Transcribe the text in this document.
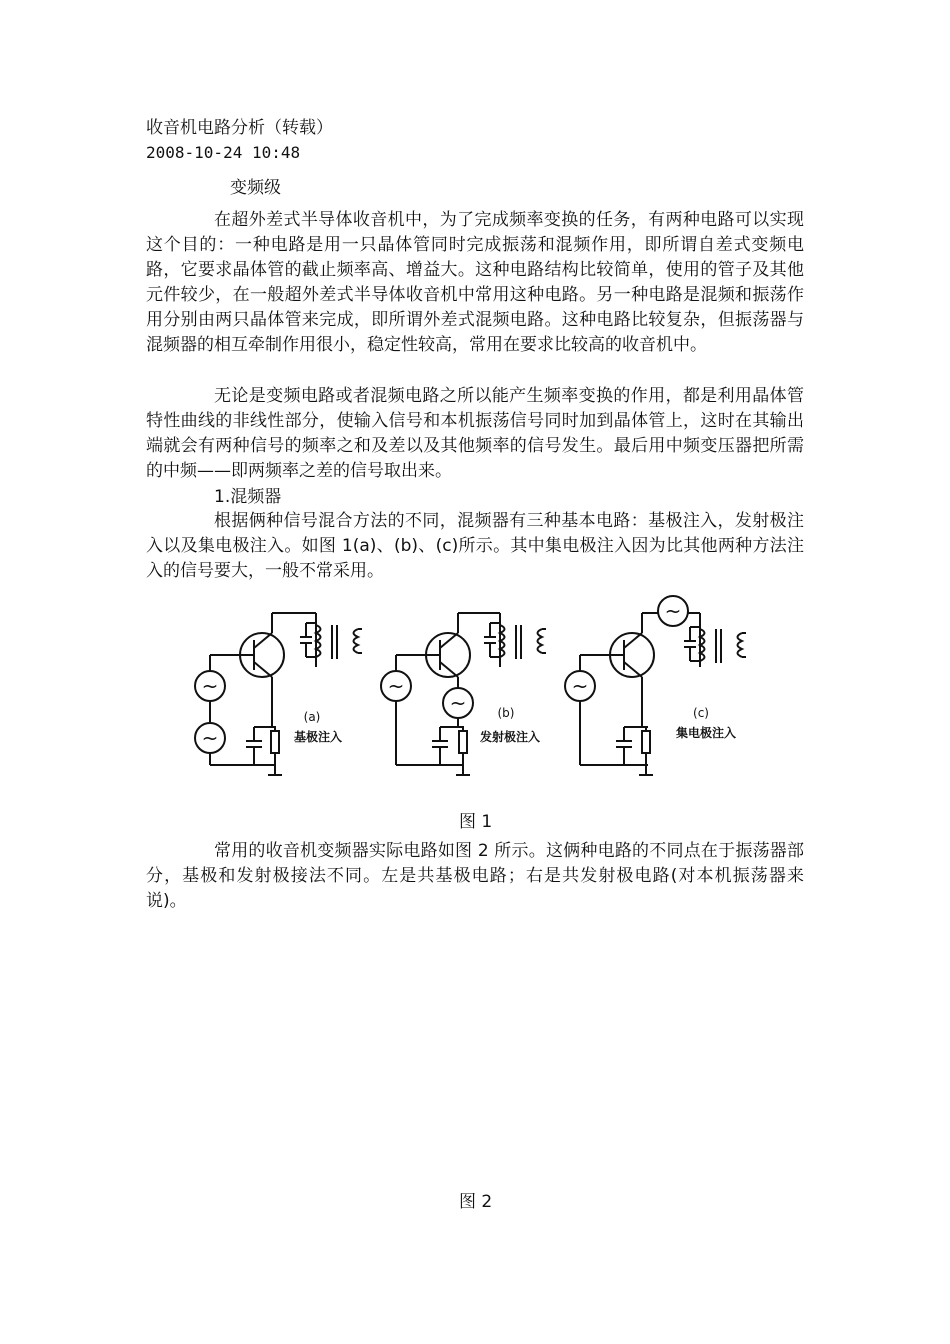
收音机电路分析（转载）
2008-10-24 10:48
变频级

在超外差式半导体收音机中，为了完成频率变换的任务，有两种电路可以实现这个目的：一种电路是用一只晶体管同时完成振荡和混频作用，即所谓自差式变频电路，它要求晶体管的截止频率高、增益大。这种电路结构比较简单，使用的管子及其他元件较少，在一般超外差式半导体收音机中常用这种电路。另一种电路是混频和振荡作用分别由两只晶体管来完成，即所谓外差式混频电路。这种电路比较复杂，但振荡器与混频器的相互牵制作用很小，稳定性较高，常用在要求比较高的收音机中。

无论是变频电路或者混频电路之所以能产生频率变换的作用，都是利用晶体管特性曲线的非线性部分，使输入信号和本机振荡信号同时加到晶体管上，这时在其输出端就会有两种信号的频率之和及差以及其他频率的信号发生。最后用中频变压器把所需的中频——即两频率之差的信号取出来。

1.混频器

根据俩种信号混合方法的不同，混频器有三种基本电路：基极注入，发射极注入以及集电极注入。如图 1(a)、(b)、(c)所示。其中集电极注入因为比其他两种方法注入的信号要大，一般不常采用。

~
~
~
~
~
~
(a)
基极注入
(b)
发射极注入
(c)
集电极注入
图 1

常用的收音机变频器实际电路如图 2 所示。这俩种电路的不同点在于振荡器部分，基极和发射极接法不同。左是共基极电路；右是共发射极电路(对本机振荡器来说)。

图 2
